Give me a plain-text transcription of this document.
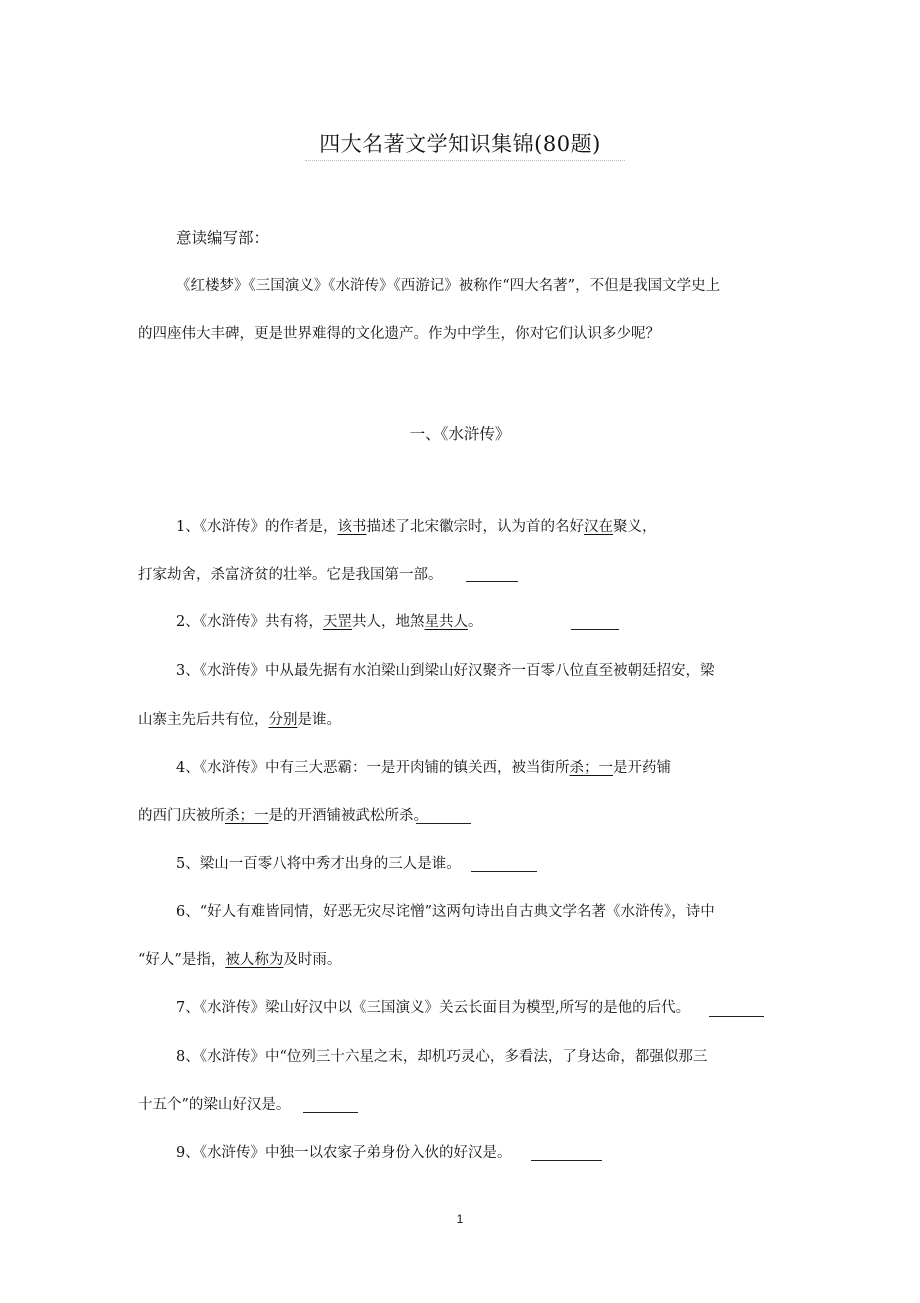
四大名著文学知识集锦(80题)
意读编写部：
《红楼梦》《三国演义》《水浒传》《西游记》被称作“四大名著”，不但是我国文学史上
的四座伟大丰碑，更是世界难得的文化遗产。作为中学生，你对它们认识多少呢？
一、《水浒传》
1、《水浒传》的作者是，该书描述了北宋徽宗时，认为首的名好汉在聚义，
打家劫舍，杀富济贫的壮举。它是我国第一部。
2、《水浒传》共有将，天罡共人，地煞星共人。
3、《水浒传》中从最先据有水泊梁山到梁山好汉聚齐一百零八位直至被朝廷招安，梁
山寨主先后共有位，分别是谁。
4、《水浒传》中有三大恶霸：一是开肉铺的镇关西，被当街所杀；一是开药铺
的西门庆被所杀；一是的开酒铺被武松所杀。
5、梁山一百零八将中秀才出身的三人是谁。
6、“好人有难皆同情，好恶无灾尽诧憎”这两句诗出自古典文学名著《水浒传》，诗中
“好人”是指，被人称为及时雨。
7、《水浒传》梁山好汉中以《三国演义》关云长面目为模型,所写的是他的后代。
8、《水浒传》中“位列三十六星之末，却机巧灵心，多看法，了身达命，都强似那三
十五个”的梁山好汉是。
9、《水浒传》中独一以农家子弟身份入伙的好汉是。
1
